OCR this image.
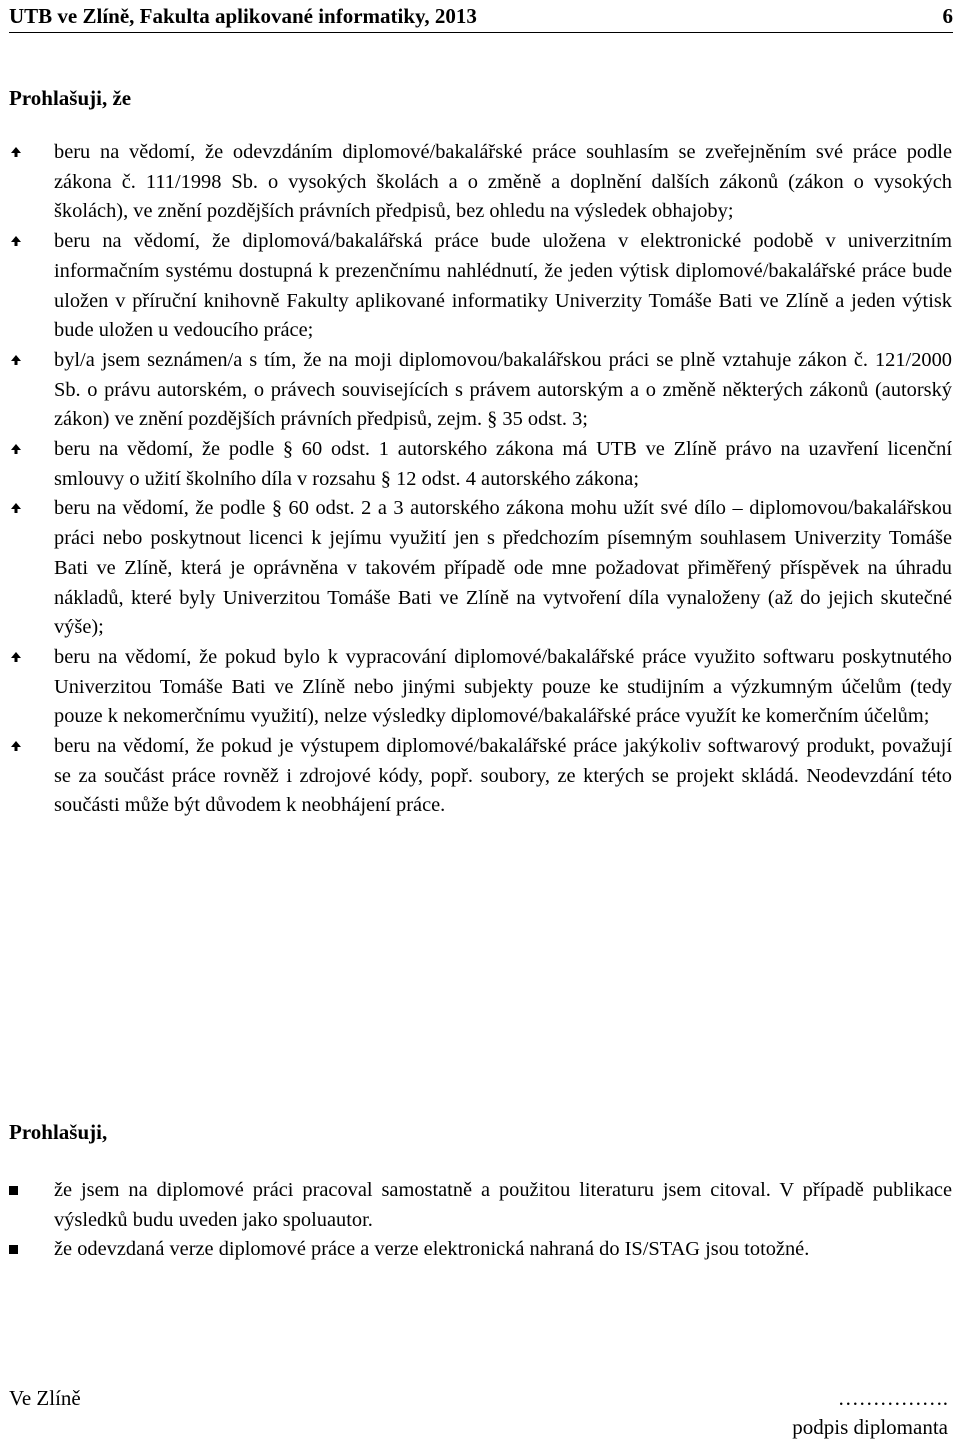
UTB ve Zlíně, Fakulta aplikované informatiky, 2013	6
Prohlašuji, že
beru na vědomí, že odevzdáním diplomové/bakalářské práce souhlasím se zveřejněním své práce podle zákona č. 111/1998 Sb. o vysokých školách a o změně a doplnění dalších zákonů (zákon o vysokých školách), ve znění pozdějších právních předpisů, bez ohledu na výsledek obhajoby;
beru na vědomí, že diplomová/bakalářská práce bude uložena v elektronické podobě v univerzitním informačním systému dostupná k prezenčnímu nahlédnutí, že jeden výtisk diplomové/bakalářské práce bude uložen v příruční knihovně Fakulty aplikované informatiky Univerzity Tomáše Bati ve Zlíně a jeden výtisk bude uložen u vedoucího práce;
byl/a jsem seznámen/a s tím, že na moji diplomovou/bakalářskou práci se plně vztahuje zákon č. 121/2000 Sb. o právu autorském, o právech souvisejících s právem autorským a o změně některých zákonů (autorský zákon) ve znění pozdějších právních předpisů, zejm. § 35 odst. 3;
beru na vědomí, že podle § 60 odst. 1 autorského zákona má UTB ve Zlíně právo na uzavření licenční smlouvy o užití školního díla v rozsahu § 12 odst. 4 autorského zákona;
beru na vědomí, že podle § 60 odst. 2 a 3 autorského zákona mohu užít své dílo – diplomovou/bakalářskou práci nebo poskytnout licenci k jejímu využití jen s předchozím písemným souhlasem Univerzity Tomáše Bati ve Zlíně, která je oprávněna v takovém případě ode mne požadovat přiměřený příspěvek na úhradu nákladů, které byly Univerzitou Tomáše Bati ve Zlíně na vytvoření díla vynaloženy (až do jejich skutečné výše);
beru na vědomí, že pokud bylo k vypracování diplomové/bakalářské práce využito softwaru poskytnutého Univerzitou Tomáše Bati ve Zlíně nebo jinými subjekty pouze ke studijním a výzkumným účelům (tedy pouze k nekomerčnímu využití), nelze výsledky diplomové/bakalářské práce využít ke komerčním účelům;
beru na vědomí, že pokud je výstupem diplomové/bakalářské práce jakýkoliv softwarový produkt, považují se za součást práce rovněž i zdrojové kódy, popř. soubory, ze kterých se projekt skládá. Neodevzdání této součásti může být důvodem k neobhájení práce.
Prohlašuji,
že jsem na diplomové práci pracoval samostatně a použitou literaturu jsem citoval. V případě publikace výsledků budu uveden jako spoluautor.
že odevzdaná verze diplomové práce a verze elektronická nahraná do IS/STAG jsou totožné.
Ve Zlíně	…………….
podpis diplomanta
